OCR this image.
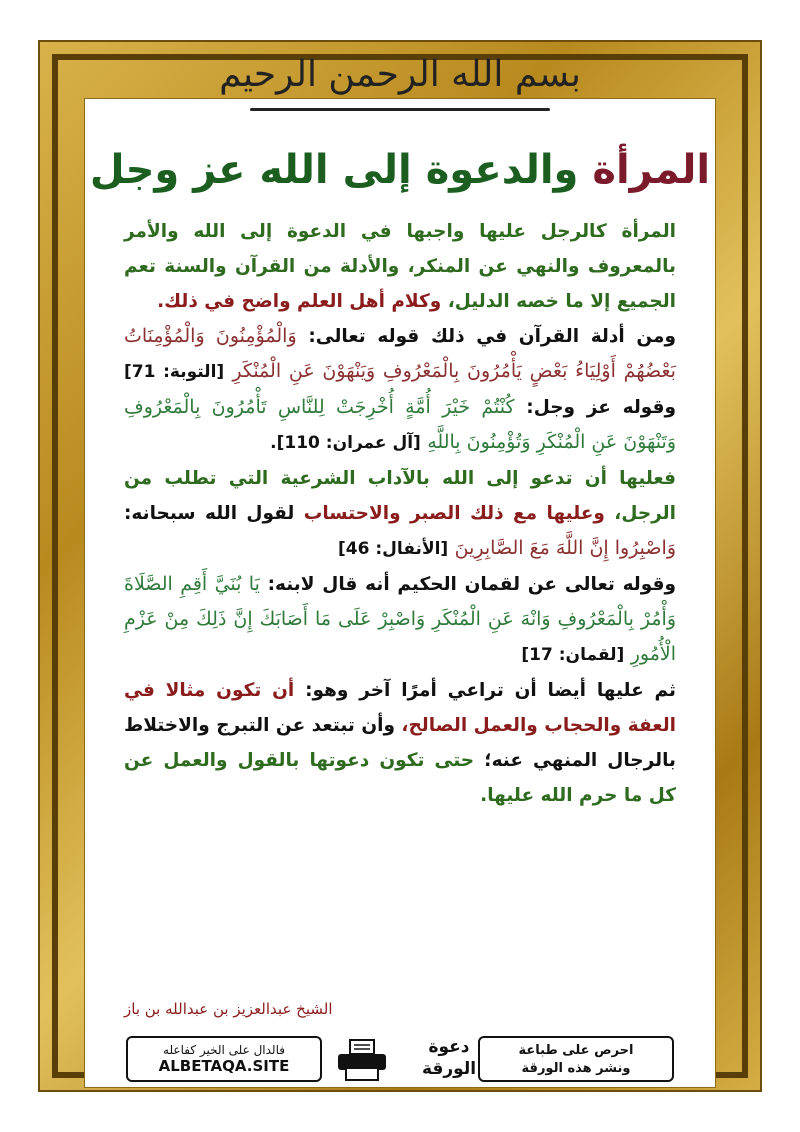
بسم الله الرحمن الرحيم
المرأة والدعوة إلى الله عز وجل

المرأة كالرجل عليها واجبها في الدعوة إلى الله والأمر بالمعروف والنهي عن المنكر، والأدلة من القرآن والسنة تعم الجميع إلا ما خصه الدليل، وكلام أهل العلم واضح في ذلك.

ومن أدلة القرآن في ذلك قوله تعالى: وَالْمُؤْمِنُونَ وَالْمُؤْمِنَاتُ بَعْضُهُمْ أَوْلِيَاءُ بَعْضٍ يَأْمُرُونَ بِالْمَعْرُوفِ وَيَنْهَوْنَ عَنِ الْمُنْكَرِ [التوبة: 71] وقوله عز وجل: كُنْتُمْ خَيْرَ أُمَّةٍ أُخْرِجَتْ لِلنَّاسِ تَأْمُرُونَ بِالْمَعْرُوفِ وَتَنْهَوْنَ عَنِ الْمُنْكَرِ وَتُؤْمِنُونَ بِاللَّهِ [آل عمران: 110].

فعليها أن تدعو إلى الله بالآداب الشرعية التي تطلب من الرجل، وعليها مع ذلك الصبر والاحتساب لقول الله سبحانه: وَاصْبِرُوا إِنَّ اللَّهَ مَعَ الصَّابِرِينَ [الأنفال: 46]

وقوله تعالى عن لقمان الحكيم أنه قال لابنه: يَا بُنَيَّ أَقِمِ الصَّلَاةَ وَأْمُرْ بِالْمَعْرُوفِ وَانْهَ عَنِ الْمُنْكَرِ وَاصْبِرْ عَلَى مَا أَصَابَكَ إِنَّ ذَلِكَ مِنْ عَزْمِ الْأُمُورِ [لقمان: 17]

ثم عليها أيضا أن تراعي أمرًا آخر وهو: أن تكون مثالا في العفة والحجاب والعمل الصالح، وأن تبتعد عن التبرج والاختلاط بالرجال المنهي عنه؛ حتى تكون دعوتها بالقول والعمل عن كل ما حرم الله عليها.

الشيخ عبدالعزيز بن عبدالله بن باز
فالدال على الخير كفاعله
ALBETAQA.SITE
دعوة
الورقة
احرص على طباعة
ونشر هذه الورقة
